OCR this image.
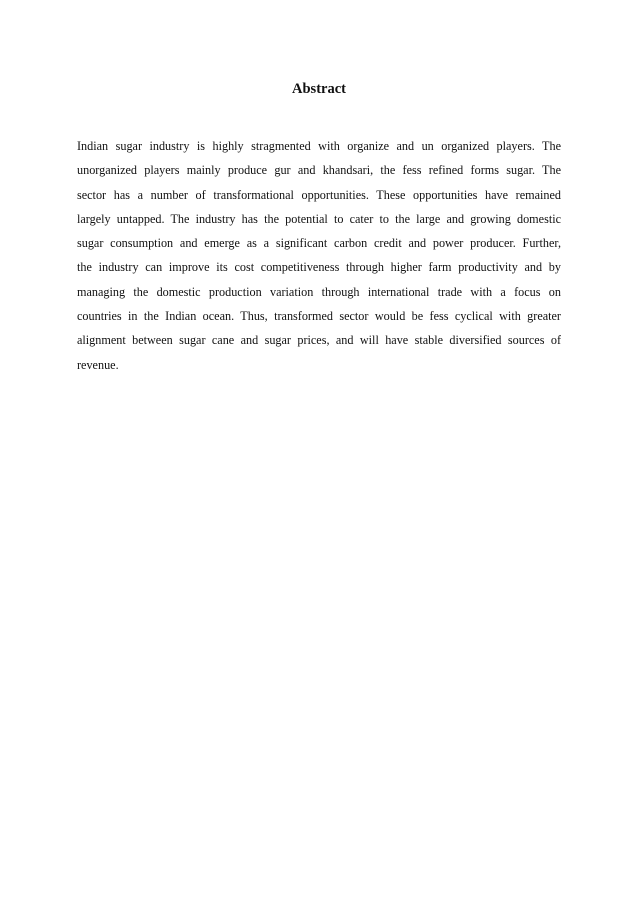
Abstract
Indian sugar industry is highly stragmented with organize and un organized players. The
unorganized players mainly produce gur and khandsari, the fess refined forms sugar. The
sector has a number of transformational opportunities. These opportunities have remained
largely untapped. The industry has the potential to cater to the large and growing domestic
sugar consumption and emerge as a significant carbon credit and power producer. Further,
the industry can improve its cost competitiveness through higher farm productivity and by
managing the domestic production variation through international trade with a focus on
countries in the Indian ocean. Thus, transformed sector would be fess cyclical with greater
alignment between sugar cane and sugar prices, and will have stable diversified sources of
revenue.
